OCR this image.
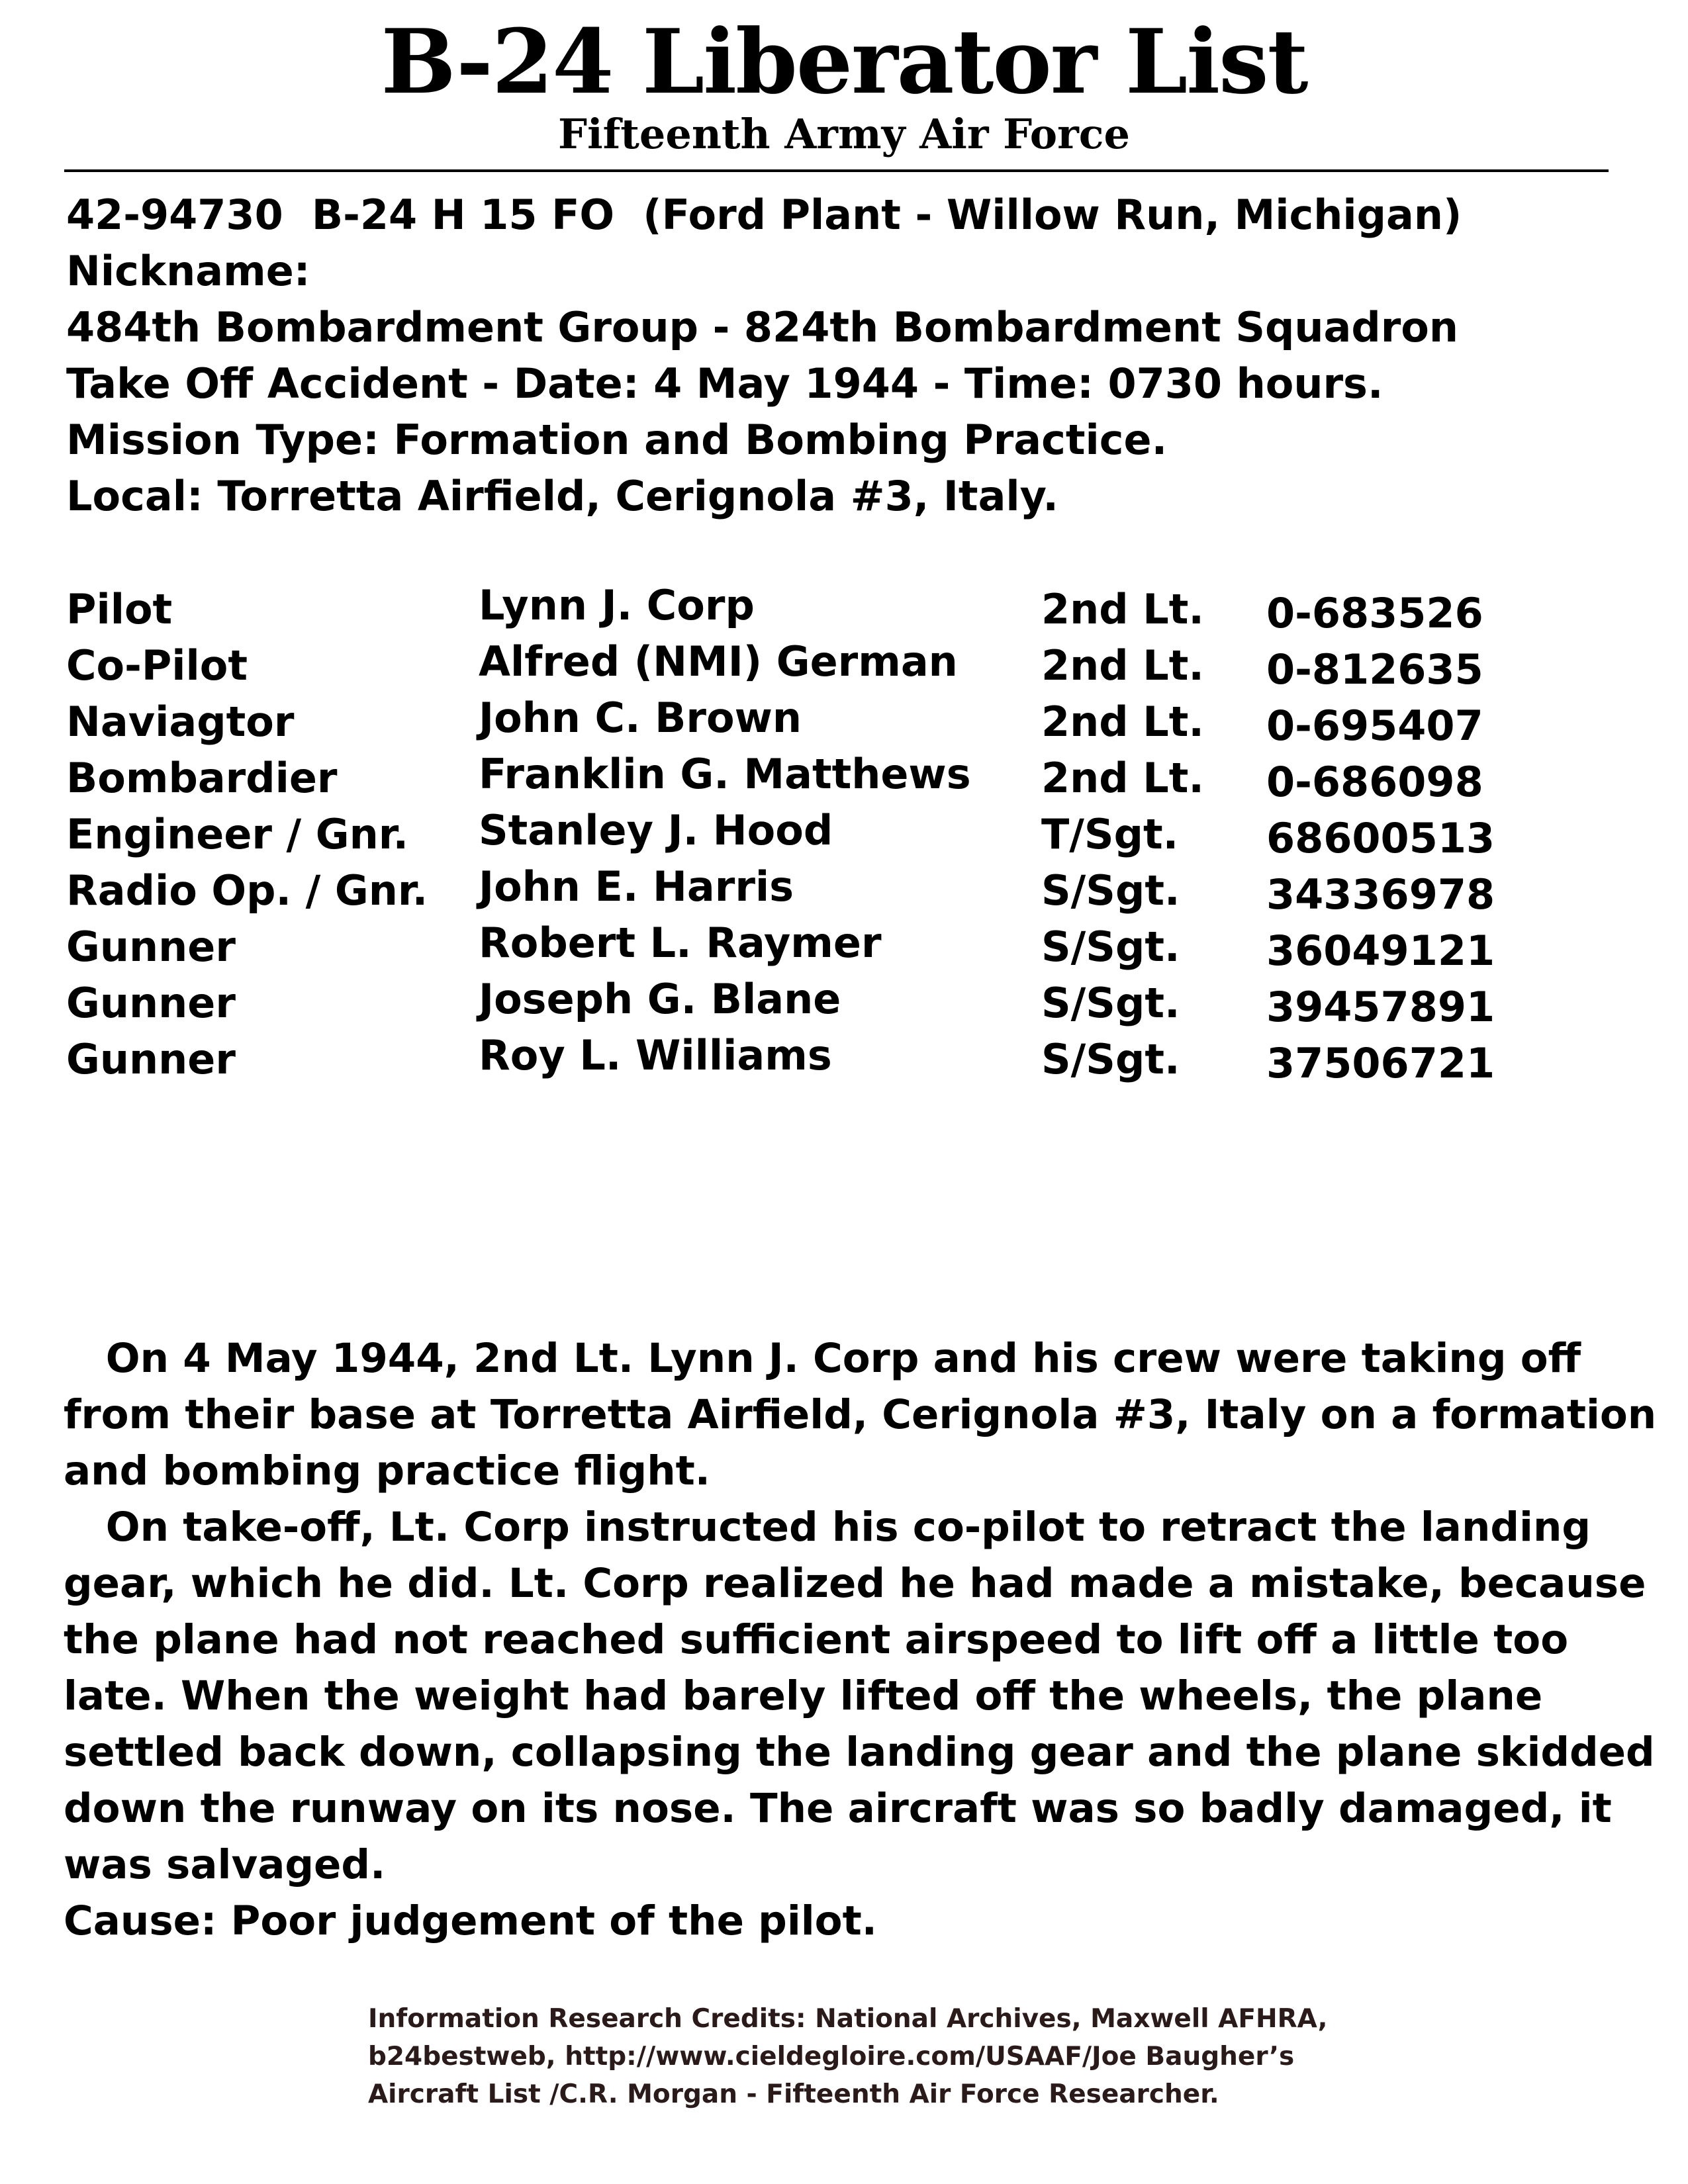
B-24 Liberator List
Fifteenth Army Air Force
42-94730  B-24 H 15 FO  (Ford Plant - Willow Run, Michigan)
Nickname:
484th Bombardment Group - 824th Bombardment Squadron
Take Off Accident - Date: 4 May 1944 - Time: 0730 hours.
Mission Type: Formation and Bombing Practice.
Local: Torretta Airfield, Cerignola #3, Italy.
Pilot	Lynn J. Corp	2nd Lt. 0-683526
Co-Pilot	Alfred (NMI) German 2nd Lt. 0-812635
Naviagtor	John C. Brown	2nd Lt. 0-695407
Bombardier	Franklin G. Matthews 2nd Lt. 0-686098
Engineer / Gnr. Stanley J. Hood	T/Sgt. 68600513
Radio Op. / Gnr. John E. Harris	S/Sgt. 34336978
Gunner	Robert L. Raymer	S/Sgt. 36049121
Gunner	Joseph G. Blane	S/Sgt. 39457891
Gunner	Roy L. Williams	S/Sgt. 37506721
On 4 May 1944, 2nd Lt. Lynn J. Corp and his crew were taking off
from their base at Torretta Airfield, Cerignola #3, Italy on a formation
and bombing practice flight.
On take-off, Lt. Corp instructed his co-pilot to retract the landing
gear, which he did. Lt. Corp realized he had made a mistake, because
the plane had not reached sufficient airspeed to lift off a little too
late. When the weight had barely lifted off the wheels, the plane
settled back down, collapsing the landing gear and the plane skidded
down the runway on its nose. The aircraft was so badly damaged, it
was salvaged.
Cause: Poor judgement of the pilot.
Information Research Credits: National Archives, Maxwell AFHRA,
b24bestweb, http://www.cieldegloire.com/USAAF/Joe Baugher’s
Aircraft List /C.R. Morgan - Fifteenth Air Force Researcher.
